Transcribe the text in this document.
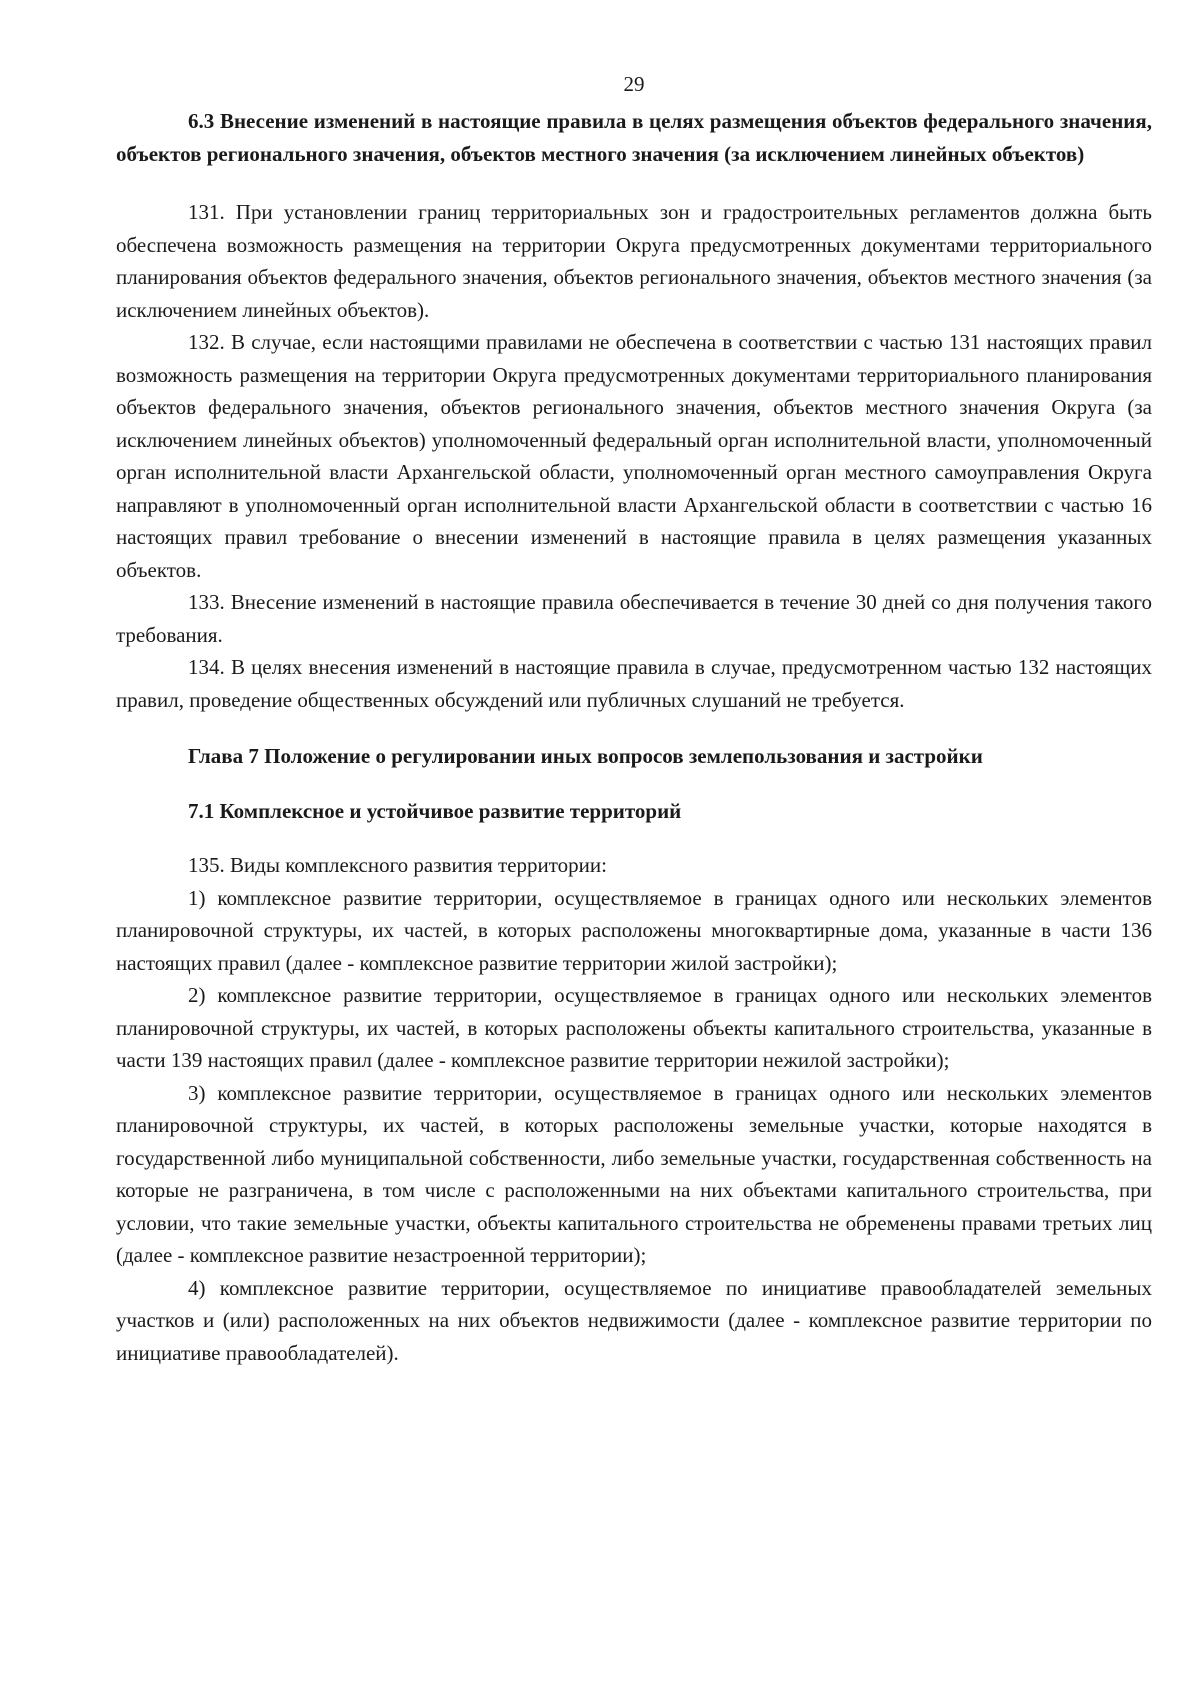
29
6.3 Внесение изменений в настоящие правила в целях размещения объектов федерального значения, объектов регионального значения, объектов местного значения (за исключением линейных объектов)

131. При установлении границ территориальных зон и градостроительных регламентов должна быть обеспечена возможность размещения на территории Округа предусмотренных документами территориального планирования объектов федерального значения, объектов регионального значения, объектов местного значения (за исключением линейных объектов).

132. В случае, если настоящими правилами не обеспечена в соответствии с частью 131 настоящих правил возможность размещения на территории Округа предусмотренных документами территориального планирования объектов федерального значения, объектов регионального значения, объектов местного значения Округа (за исключением линейных объектов) уполномоченный федеральный орган исполнительной власти, уполномоченный орган исполнительной власти Архангельской области, уполномоченный орган местного самоуправления Округа направляют в уполномоченный орган исполнительной власти Архангельской области в соответствии с частью 16 настоящих правил требование о внесении изменений в настоящие правила в целях размещения указанных объектов.

133. Внесение изменений в настоящие правила обеспечивается в течение 30 дней со дня получения такого требования.

134. В целях внесения изменений в настоящие правила в случае, предусмотренном частью 132 настоящих правил, проведение общественных обсуждений или публичных слушаний не требуется.

Глава 7 Положение о регулировании иных вопросов землепользования и застройки
7.1 Комплексное и устойчивое развитие территорий

135. Виды комплексного развития территории:

1) комплексное развитие территории, осуществляемое в границах одного или нескольких элементов планировочной структуры, их частей, в которых расположены многоквартирные дома, указанные в части 136 настоящих правил (далее - комплексное развитие территории жилой застройки);

2) комплексное развитие территории, осуществляемое в границах одного или нескольких элементов планировочной структуры, их частей, в которых расположены объекты капитального строительства, указанные в части 139 настоящих правил (далее - комплексное развитие территории нежилой застройки);

3) комплексное развитие территории, осуществляемое в границах одного или нескольких элементов планировочной структуры, их частей, в которых расположены земельные участки, которые находятся в государственной либо муниципальной собственности, либо земельные участки, государственная собственность на которые не разграничена, в том числе с расположенными на них объектами капитального строительства, при условии, что такие земельные участки, объекты капитального строительства не обременены правами третьих лиц (далее - комплексное развитие незастроенной территории);

4) комплексное развитие территории, осуществляемое по инициативе правообладателей земельных участков и (или) расположенных на них объектов недвижимости (далее - комплексное развитие территории по инициативе правообладателей).
